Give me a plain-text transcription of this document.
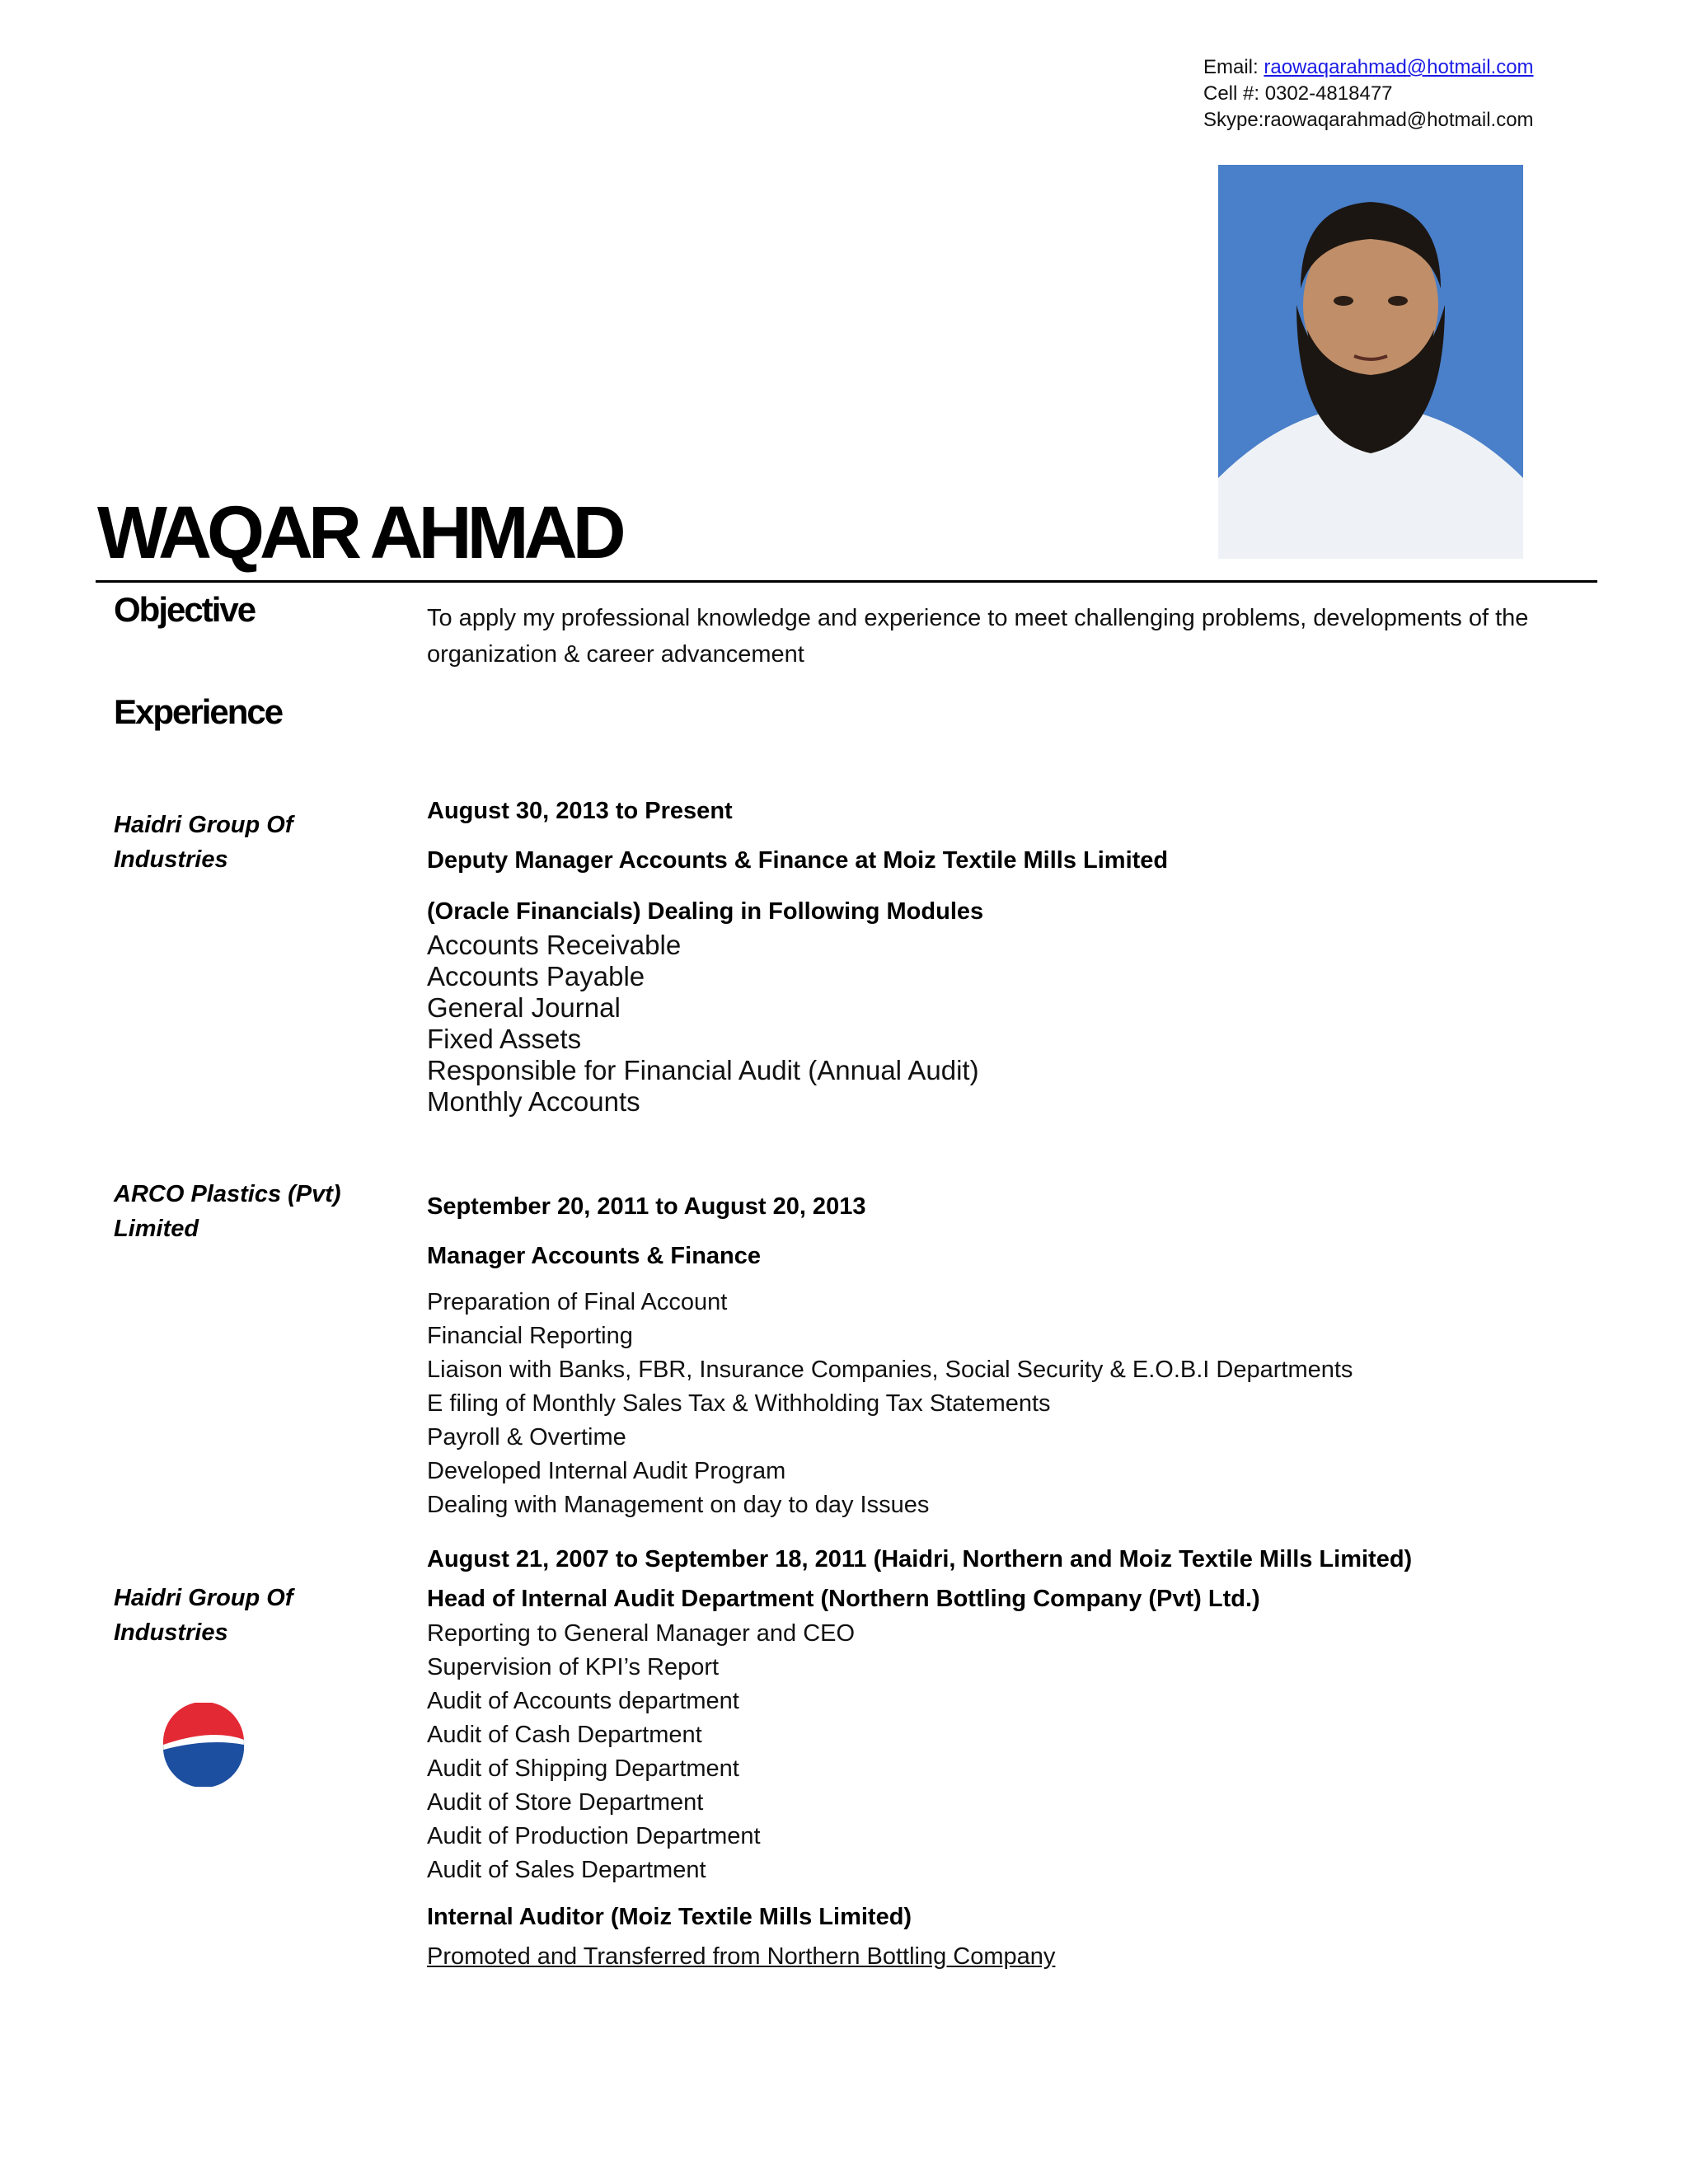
Email: raowaqarahmad@hotmail.com
Cell #: 0302-4818477
Skype:raowaqarahmad@hotmail.com
WAQAR AHMAD
Objective	To apply my professional knowledge and experience to meet challenging problems, developments of the organization & career advancement
Experience
Haidri Group Of Industries
August 30, 2013 to Present
Deputy Manager Accounts & Finance at Moiz Textile Mills Limited
(Oracle Financials) Dealing in Following Modules
Accounts Receivable
Accounts Payable
General Journal
Fixed Assets
Responsible for Financial Audit (Annual Audit)
Monthly Accounts
ARCO Plastics (Pvt) Limited
September 20, 2011 to August 20, 2013
Manager Accounts & Finance
Preparation of Final Account
Financial Reporting
Liaison with Banks, FBR, Insurance Companies, Social Security & E.O.B.I Departments
E filing of Monthly Sales Tax & Withholding Tax Statements
Payroll & Overtime
Developed Internal Audit Program
Dealing with Management on day to day Issues
Haidri Group Of Industries
August 21, 2007 to September 18, 2011 (Haidri, Northern and Moiz Textile Mills Limited)
Head of Internal Audit Department (Northern Bottling Company (Pvt) Ltd.)
Reporting to General Manager and CEO
Supervision of KPI’s Report
Audit of Accounts department
Audit of Cash Department
Audit of Shipping Department
Audit of Store Department
Audit of Production Department
Audit of Sales Department
Internal Auditor (Moiz Textile Mills Limited)
Promoted and Transferred from Northern Bottling Company
